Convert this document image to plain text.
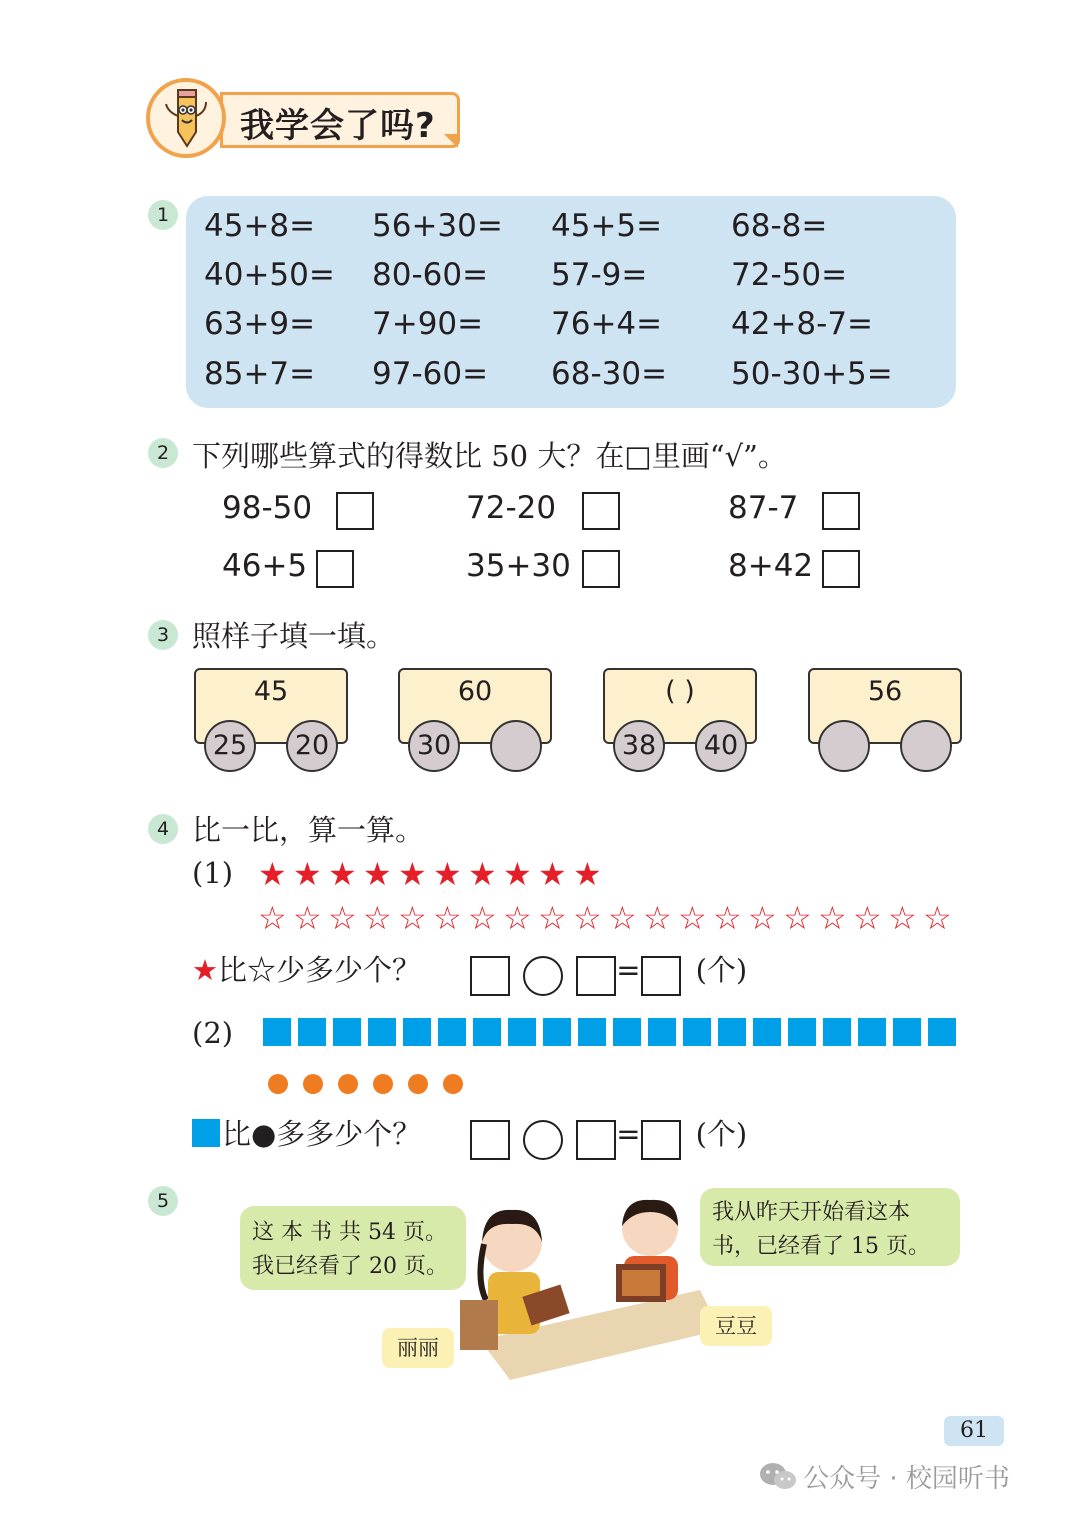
我学会了吗?
1 45+8= 56+30= 45+5= 68-8=
40+50= 80-60= 57-9=	72-50=
63+9= 7+90= 76+4= 42+8-7=
85+7= 97-60= 68-30= 50-30+5=
2 下列哪些算式的得数比 50 大？在□里画“√”。
98-50	72-20	87-7
46+5	35+30	8+42
3 照样子填一填。
45
25	20
60
30
( )
38	40
56
4 比一比，算一算。
(1) ★ ★ ★ ★ ★ ★ ★ ★ ★ ★
☆ ☆ ☆ ☆ ☆ ☆ ☆ ☆ ☆ ☆ ☆ ☆ ☆ ☆ ☆ ☆ ☆ ☆ ☆ ☆
★比☆少多少个？	= (个)
(2)
比●多多少个？	= (个)
5
这 本 书 共 54 页。
我已经看了 20 页。
我从昨天开始看这本
书，已经看了 15 页。
丽丽
豆豆
61
公众号 · 校园听书
